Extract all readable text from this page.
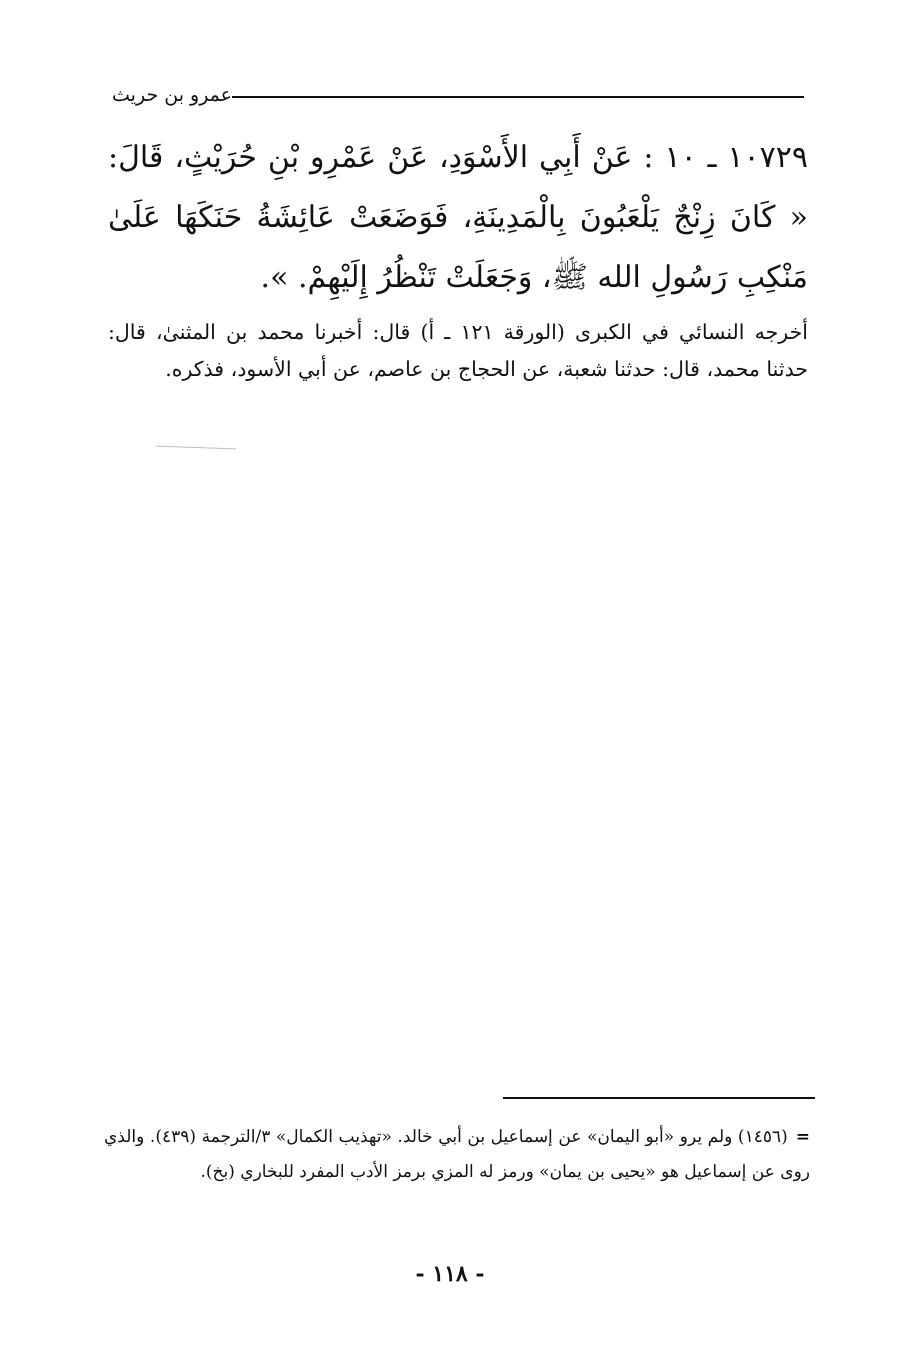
عمرو بن حريث

١٠٧٢٩ ـ ١٠ : عَنْ أَبِي الأَسْوَدِ، عَنْ عَمْرِو بْنِ حُرَيْثٍ، قَالَ: « كَانَ زِنْجٌ يَلْعَبُونَ بِالْمَدِينَةِ، فَوَضَعَتْ عَائِشَةُ حَنَكَهَا عَلَىٰ مَنْكِبِ رَسُولِ الله ﷺ، وَجَعَلَتْ تَنْظُرُ إِلَيْهِمْ. ».

أخرجه النسائي في الكبرى (الورقة ١٢١ ـ أ) قال: أخبرنا محمد بن المثنىٰ، قال: حدثنا محمد، قال: حدثنا شعبة، عن الحجاج بن عاصم، عن أبي الأسود، فذكره.

=(١٤٥٦) ولم يرو «أبو اليمان» عن إسماعيل بن أبي خالد. «تهذيب الكمال» ٣/الترجمة (٤٣٩). والذي روى عن إسماعيل هو «يحيى بن يمان» ورمز له المزي برمز الأدب المفرد للبخاري (بخ).

- ١١٨ -
